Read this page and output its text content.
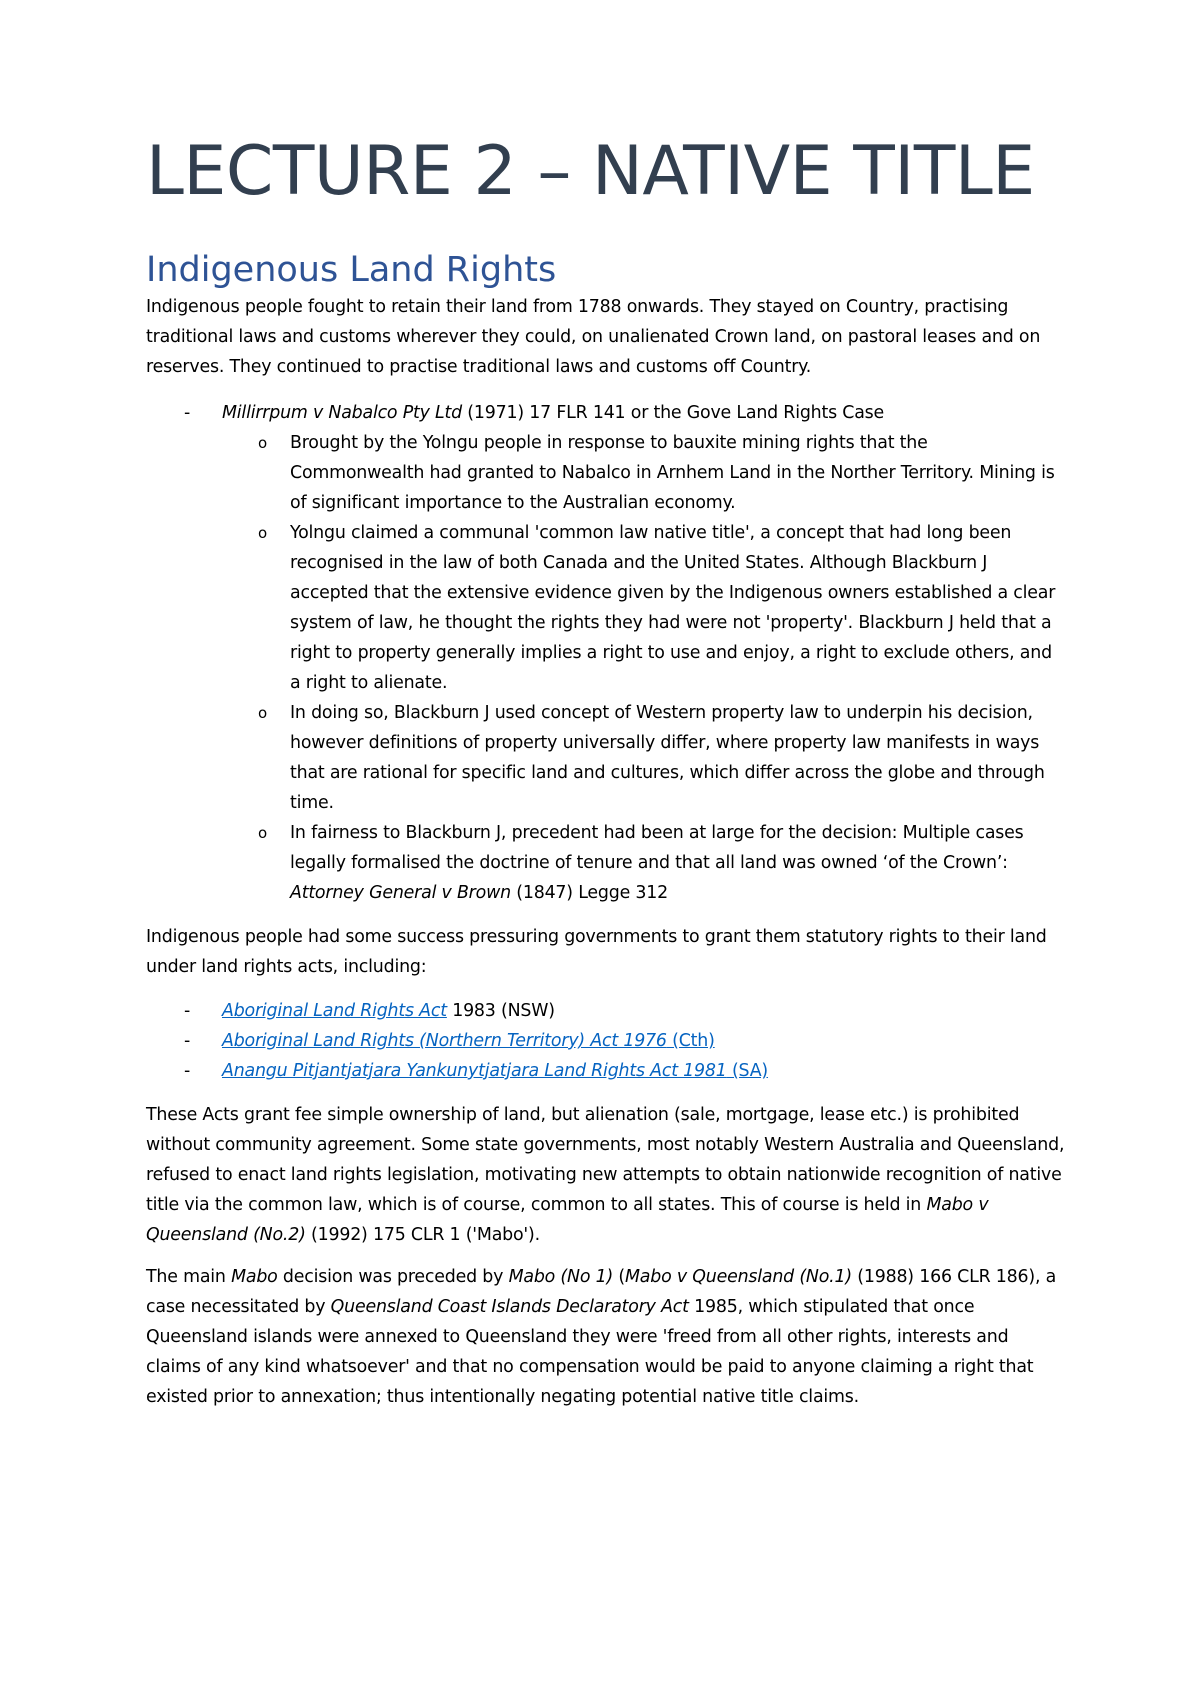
LECTURE 2 – NATIVE TITLE
Indigenous Land Rights

Indigenous people fought to retain their land from 1788 onwards. They stayed on Country, practising traditional laws and customs wherever they could, on unalienated Crown land, on pastoral leases and on reserves. They continued to practise traditional laws and customs off Country.

- Millirrpum v Nabalco Pty Ltd (1971) 17 FLR 141 or the Gove Land Rights Case
o Brought by the Yolngu people in response to bauxite mining rights that the Commonwealth had granted to Nabalco in Arnhem Land in the Norther Territory. Mining is of significant importance to the Australian economy.
o Yolngu claimed a communal 'common law native title', a concept that had long been recognised in the law of both Canada and the United States. Although Blackburn J accepted that the extensive evidence given by the Indigenous owners established a clear system of law, he thought the rights they had were not 'property'. Blackburn J held that a right to property generally implies a right to use and enjoy, a right to exclude others, and a right to alienate.
o In doing so, Blackburn J used concept of Western property law to underpin his decision, however definitions of property universally differ, where property law manifests in ways that are rational for specific land and cultures, which differ across the globe and through time.
o In fairness to Blackburn J, precedent had been at large for the decision: Multiple cases legally formalised the doctrine of tenure and that all land was owned ‘of the Crown’: Attorney General v Brown (1847) Legge 312

Indigenous people had some success pressuring governments to grant them statutory rights to their land under land rights acts, including:

- Aboriginal Land Rights Act 1983 (NSW)
- Aboriginal Land Rights (Northern Territory) Act 1976 (Cth)
- Anangu Pitjantjatjara Yankunytjatjara Land Rights Act 1981 (SA)

These Acts grant fee simple ownership of land, but alienation (sale, mortgage, lease etc.) is prohibited without community agreement. Some state governments, most notably Western Australia and Queensland, refused to enact land rights legislation, motivating new attempts to obtain nationwide recognition of native title via the common law, which is of course, common to all states. This of course is held in Mabo v Queensland (No.2) (1992) 175 CLR 1 ('Mabo').

The main Mabo decision was preceded by Mabo (No 1) (Mabo v Queensland (No.1) (1988) 166 CLR 186), a case necessitated by Queensland Coast Islands Declaratory Act 1985, which stipulated that once Queensland islands were annexed to Queensland they were 'freed from all other rights, interests and claims of any kind whatsoever' and that no compensation would be paid to anyone claiming a right that existed prior to annexation; thus intentionally negating potential native title claims.
